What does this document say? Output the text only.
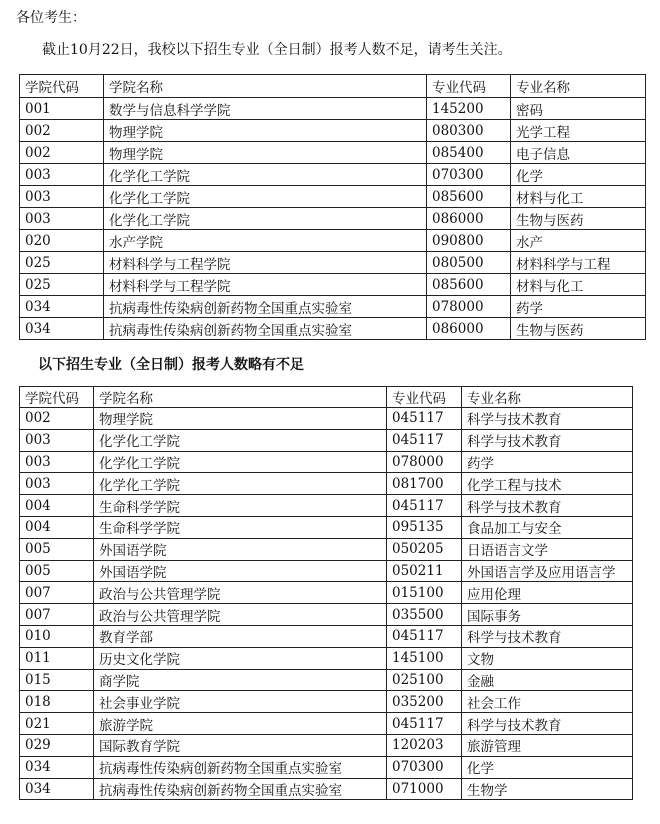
各位考生：

截止10月22日，我校以下招生专业（全日制）报考人数不足，请考生关注。

学院代码	学院名称	专业代码	专业名称
001	数学与信息科学学院	145200	密码
002	物理学院	080300	光学工程
002	物理学院	085400	电子信息
003	化学化工学院	070300	化学
003	化学化工学院	085600	材料与化工
003	化学化工学院	086000	生物与医药
020	水产学院	090800	水产
025	材料科学与工程学院	080500	材料科学与工程
025	材料科学与工程学院	085600	材料与化工
034	抗病毒性传染病创新药物全国重点实验室	078000	药学
034	抗病毒性传染病创新药物全国重点实验室	086000	生物与医药

以下招生专业（全日制）报考人数略有不足

学院代码	学院名称	专业代码	专业名称
002	物理学院	045117	科学与技术教育
003	化学化工学院	045117	科学与技术教育
003	化学化工学院	078000	药学
003	化学化工学院	081700	化学工程与技术
004	生命科学学院	045117	科学与技术教育
004	生命科学学院	095135	食品加工与安全
005	外国语学院	050205	日语语言文学
005	外国语学院	050211	外国语言学及应用语言学
007	政治与公共管理学院	015100	应用伦理
007	政治与公共管理学院	035500	国际事务
010	教育学部	045117	科学与技术教育
011	历史文化学院	145100	文物
015	商学院	025100	金融
018	社会事业学院	035200	社会工作
021	旅游学院	045117	科学与技术教育
029	国际教育学院	120203	旅游管理
034	抗病毒性传染病创新药物全国重点实验室	070300	化学
034	抗病毒性传染病创新药物全国重点实验室	071000	生物学
